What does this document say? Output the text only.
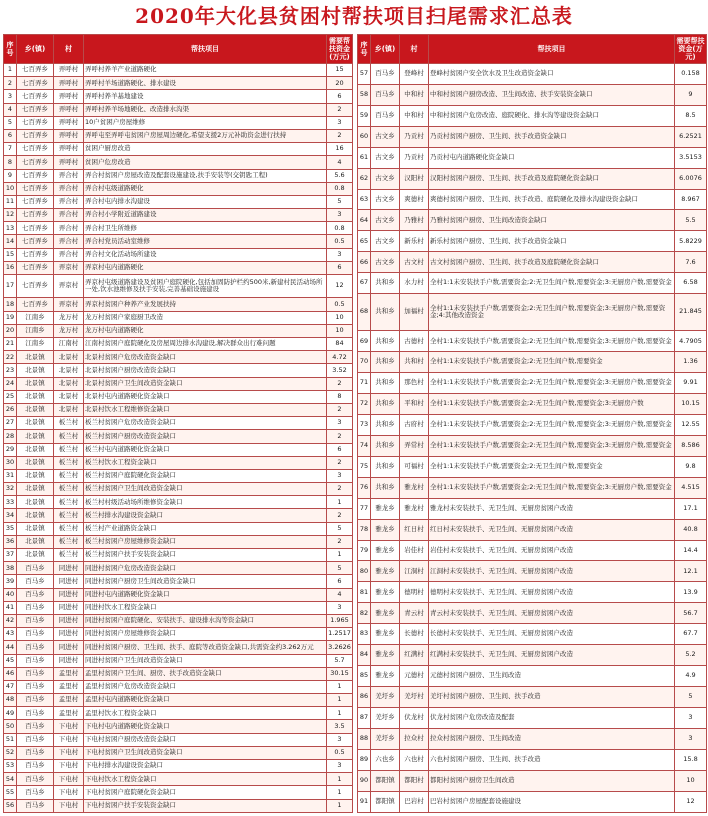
2020年大化县贫困村帮扶项目扫尾需求汇总表
序号	乡(镇)	村	帮扶项目	需要帮扶资金(万元)
1	七百弄乡	弄呼村	弄呼村养羊产业道路硬化	15
2	七百弄乡	弄呼村	弄呼村羊场道路硬化、排水建设	20
3	七百弄乡	弄呼村	弄呼村养羊基地建设	6
4	七百弄乡	弄呼村	弄呼村养羊场地硬化、改造排水沟渠	2
5	七百弄乡	弄呼村	10户贫困户房屋维修	3
6	七百弄乡	弄呼村	弄呼屯至弄呼屯贫困户房屋周边硬化,希望支援2万元补助资金进行扶持	2
7	七百弄乡	弄呼村	贫困户厨房改造	16
8	七百弄乡	弄呼村	贫困户危房改造	4
9	七百弄乡	弄合村	弄合村贫困户房屋改造及配套设施建设,扶手安装等(交钥匙工程)	5.6
10	七百弄乡	弄合村	弄合村屯级道路硬化	0.8
11	七百弄乡	弄合村	弄合村屯内排水沟建设	5
12	七百弄乡	弄合村	弄合村小学附近道路建设	3
13	七百弄乡	弄合村	弄合村卫生所维修	0.8
14	七百弄乡	弄合村	弄合村党员活动室维修	0.5
15	七百弄乡	弄合村	弄合村文化活动场所建设	3
16	七百弄乡	弄京村	弄京村屯内道路硬化	6
17	七百弄乡	弄京村	弄京村屯级道路建设及贫困户庭院硬化,包括加固防护栏约500米,新建村民活动场所一处,饮水池维修及扶手安装,完善基础设施建设	12
18	七百弄乡	弄京村	弄京村贫困户种养产业发展扶持	0.5
19	江南乡	龙万村	龙万村贫困户家庭厨卫改造	10
20	江南乡	龙万村	龙万村屯内道路硬化	10
21	江南乡	江南村	江南村贫困户庭院硬化及房屋周边排水沟建设,解决群众出行难问题	84
22	北景镇	北景村	北景村贫困户危房改造资金缺口	4.72
23	北景镇	北景村	北景村贫困户厨房改造资金缺口	3.52
24	北景镇	北景村	北景村贫困户卫生间改造资金缺口	2
25	北景镇	北景村	北景村屯内道路硬化资金缺口	8
26	北景镇	北景村	北景村饮水工程维修资金缺口	2
27	北景镇	板兰村	板兰村贫困户危房改造资金缺口	3
28	北景镇	板兰村	板兰村贫困户厨房改造资金缺口	2
29	北景镇	板兰村	板兰村屯内道路硬化资金缺口	6
30	北景镇	板兰村	板兰村饮水工程资金缺口	2
31	北景镇	板兰村	板兰村贫困户庭院硬化资金缺口	3
32	北景镇	板兰村	板兰村贫困户卫生间改造资金缺口	2
33	北景镇	板兰村	板兰村村级活动场所维修资金缺口	1
34	北景镇	板兰村	板兰村排水沟建设资金缺口	2
35	北景镇	板兰村	板兰村产业道路资金缺口	5
36	北景镇	板兰村	板兰村贫困户房屋维修资金缺口	2
37	北景镇	板兰村	板兰村贫困户扶手安装资金缺口	1
38	百马乡	同进村	同进村贫困户危房改造资金缺口	5
39	百马乡	同进村	同进村贫困户厨房卫生间改造资金缺口	6
40	百马乡	同进村	同进村屯内道路硬化资金缺口	4
41	百马乡	同进村	同进村饮水工程资金缺口	3
42	百马乡	同进村	同进村贫困户庭院硬化、安装扶手、建设排水沟等资金缺口	1.965
43	百马乡	同进村	同进村贫困户房屋维修资金缺口	1.2517
44	百马乡	同进村	同进村贫困户厨房、卫生间、扶手、庭院等改造资金缺口,共需资金约3.262万元	3.2626
45	百马乡	同进村	同进村贫困户卫生间改造资金缺口	5.7
46	百马乡	孟里村	孟里村贫困户卫生间、厨房、扶手改造资金缺口	30.15
47	百马乡	孟里村	孟里村贫困户危房改造资金缺口	1
48	百马乡	孟里村	孟里村屯内道路硬化资金缺口	1
49	百马乡	孟里村	孟里村饮水工程资金缺口	1
50	百马乡	下电村	下电村屯内道路硬化资金缺口	3.5
51	百马乡	下电村	下电村贫困户厨房改造资金缺口	3
52	百马乡	下电村	下电村贫困户卫生间改造资金缺口	0.5
53	百马乡	下电村	下电村排水沟建设资金缺口	3
54	百马乡	下电村	下电村饮水工程资金缺口	1
55	百马乡	下电村	下电村贫困户庭院硬化资金缺口	1
56	百马乡	下电村	下电村贫困户扶手安装资金缺口	1
序号	乡(镇)	村	帮扶项目	需要帮扶资金(万元)
57	百马乡	登峰村	登峰村贫困户安全饮水及卫生改造资金缺口	0.158
58	百马乡	中和村	中和村贫困户厨房改造、卫生间改造、扶手安装资金缺口	9
59	百马乡	中和村	中和村贫困户危房改造、庭院硬化、排水沟等建设资金缺口	8.5
60	古文乡	乃贡村	乃贡村贫困户厨房、卫生间、扶手改造资金缺口	6.2521
61	古文乡	乃贡村	乃贡村屯内道路硬化资金缺口	3.5153
62	古文乡	汉阳村	汉阳村贫困户厨房、卫生间、扶手改造及庭院硬化资金缺口	6.0076
63	古文乡	爽德村	爽德村贫困户厨房、卫生间、扶手改造、庭院硬化及排水沟建设资金缺口	8.967
64	古文乡	乃雅村	乃雅村贫困户厨房、卫生间改造资金缺口	5.5
65	古文乡	新乐村	新乐村贫困户厨房、卫生间、扶手改造资金缺口	5.8229
66	古文乡	古文村	古文村贫困户厨房、卫生间、扶手改造及庭院硬化资金缺口	7.6
67	共和乡	水力村	全村1:1未安装扶手户数,需要资金;2:无卫生间户数,需要资金;3:无厨房户数,需要资金	6.58
68	共和乡	加福村	全村1:1未安装扶手户数,需要资金;2:无卫生间户数,需要资金;3:无厨房户数,需要资金;4:其他改造资金	21.845
69	共和乡	古德村	全村1:1未安装扶手户数,需要资金;2:无卫生间户数,需要资金;3:无厨房户数,需要资金	4.7905
70	共和乡	共和村	全村1:1未安装扶手户数,需要资金;2:无卫生间户数,需要资金	1.36
71	共和乡	那色村	全村1:1未安装扶手户数,需要资金;2:无卫生间户数,需要资金;3:无厨房户数,需要资金	9.91
72	共和乡	平和村	全村1:1未安装扶手户数,需要资金;2:无卫生间户数,需要资金;3:无厨房户数	10.15
73	共和乡	古府村	全村1:1未安装扶手户数,需要资金;2:无卫生间户数,需要资金;3:无厨房户数,需要资金	12.55
74	共和乡	弄常村	全村1:1未安装扶手户数,需要资金;2:无卫生间户数,需要资金;3:无厨房户数,需要资金	8.586
75	共和乡	可福村	全村1:1未安装扶手户数,需要资金;2:无卫生间户数,需要资金	9.8
76	共和乡	雅龙村	全村1:1未安装扶手户数,需要资金;2:无卫生间户数,需要资金;3:无厨房户数,需要资金	4.515
77	雅龙乡	雅龙村	雅龙村未安装扶手、无卫生间、无厨房贫困户改造	17.1
78	雅龙乡	红日村	红日村未安装扶手、无卫生间、无厨房贫困户改造	40.8
79	雅龙乡	岩佳村	岩佳村未安装扶手、无卫生间、无厨房贫困户改造	14.4
80	雅龙乡	江洞村	江洞村未安装扶手、无卫生间、无厨房贫困户改造	12.1
81	雅龙乡	德明村	德明村未安装扶手、无卫生间、无厨房贫困户改造	13.9
82	雅龙乡	青云村	青云村未安装扶手、无卫生间、无厨房贫困户改造	56.7
83	雅龙乡	长德村	长德村未安装扶手、无卫生间、无厨房贫困户改造	67.7
84	雅龙乡	红满村	红满村未安装扶手、无卫生间、无厨房贫困户改造	5.2
85	雅龙乡	元德村	元德村贫困户厨房、卫生间改造	4.9
86	羌圩乡	羌圩村	羌圩村贫困户厨房、卫生间、扶手改造	5
87	羌圩乡	伏龙村	伏龙村贫困户危房改造及配套	3
88	羌圩乡	拉众村	拉众村贫困户厨房、卫生间改造	3
89	六也乡	六也村	六也村贫困户厨房、卫生间、扶手改造	15.8
90	都阳镇	都阳村	都阳村贫困户厨房卫生间改造	10
91	都阳镇	巴岩村	巴岩村贫困户房屋配套设施建设	12
